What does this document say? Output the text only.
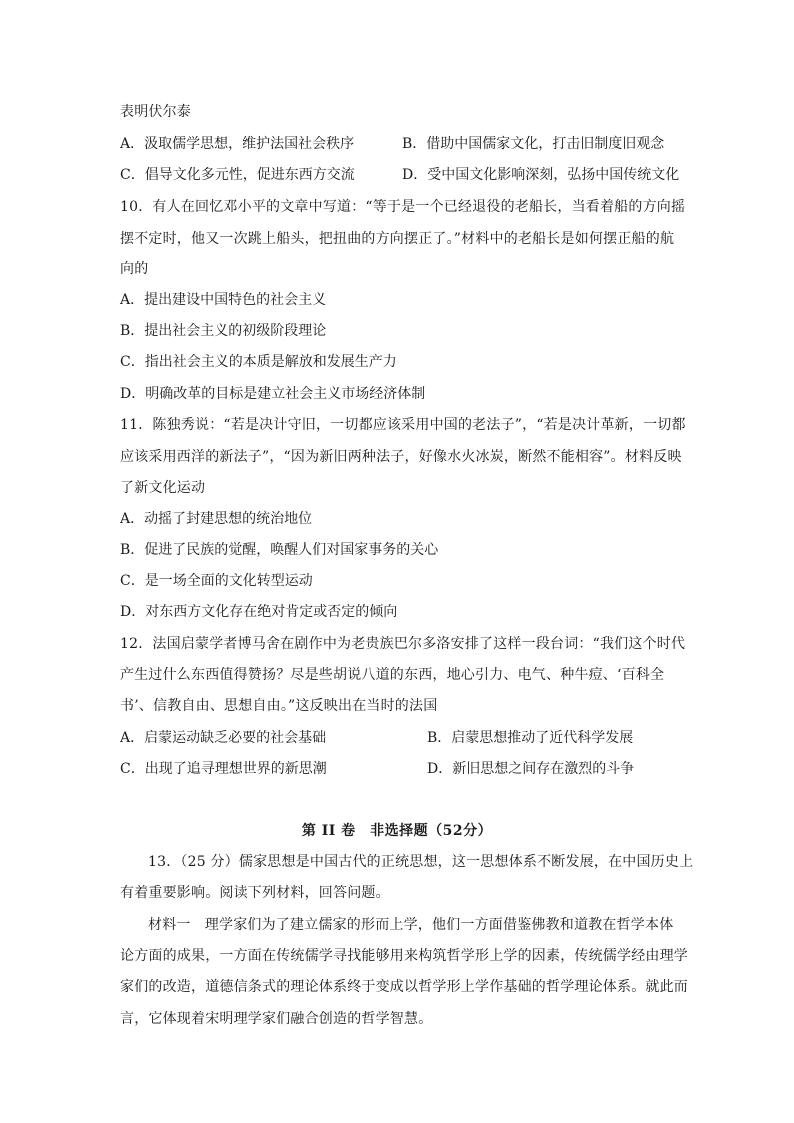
表明伏尔泰
A．汲取儒学思想，维护法国社会秩序	B．借助中国儒家文化，打击旧制度旧观念
C．倡导文化多元性，促进东西方交流	D．受中国文化影响深刻，弘扬中国传统文化
10．有人在回忆邓小平的文章中写道：“等于是一个已经退役的老船长，当看着船的方向摇
摆不定时，他又一次跳上船头，把扭曲的方向摆正了。”材料中的老船长是如何摆正船的航
向的
A．提出建设中国特色的社会主义
B．提出社会主义的初级阶段理论
C．指出社会主义的本质是解放和发展生产力
D．明确改革的目标是建立社会主义市场经济体制
11．陈独秀说：“若是决计守旧，一切都应该采用中国的老法子”，“若是决计革新，一切都
应该采用西洋的新法子”，“因为新旧两种法子，好像水火冰炭，断然不能相容”。材料反映
了新文化运动
A．动摇了封建思想的统治地位
B．促进了民族的觉醒，唤醒人们对国家事务的关心
C．是一场全面的文化转型运动
D．对东西方文化存在绝对肯定或否定的倾向
12．法国启蒙学者博马舍在剧作中为老贵族巴尔多洛安排了这样一段台词：“我们这个时代
产生过什么东西值得赞扬？尽是些胡说八道的东西，地心引力、电气、种牛痘、‘百科全
书’、信教自由、思想自由。”这反映出在当时的法国
A．启蒙运动缺乏必要的社会基础	B．启蒙思想推动了近代科学发展
C．出现了追寻理想世界的新思潮	D．新旧思想之间存在激烈的斗争
第 II 卷　非选择题（52分）
13．（25 分）儒家思想是中国古代的正统思想，这一思想体系不断发展，在中国历史上
有着重要影响。阅读下列材料，回答问题。
材料一　理学家们为了建立儒家的形而上学，他们一方面借鉴佛教和道教在哲学本体
论方面的成果，一方面在传统儒学寻找能够用来构筑哲学形上学的因素，传统儒学经由理学
家们的改造，道德信条式的理论体系终于变成以哲学形上学作基础的哲学理论体系。就此而
言，它体现着宋明理学家们融合创造的哲学智慧。
